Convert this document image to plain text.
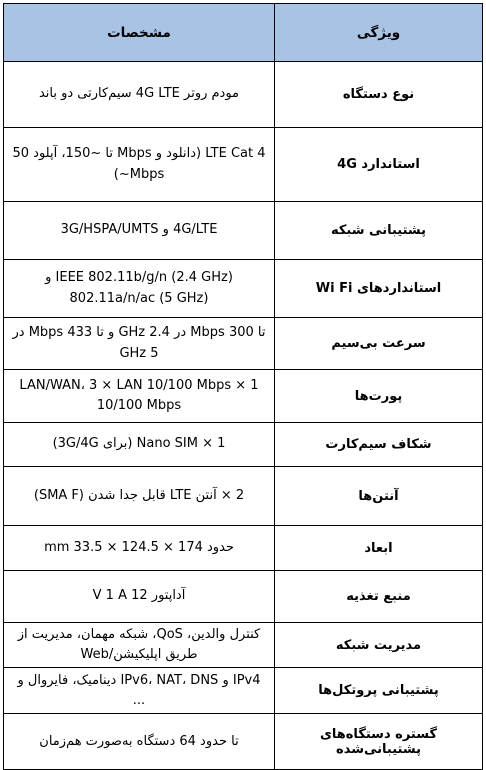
ویژگی	مشخصات
نوع دستگاه	مودم روتر 4G LTE سیم‌کارتی دو باند
استاندارد 4G	LTE Cat 4 (دانلود و Mbps تا ~150، آپلود 50 Mbps~)
پشتیبانی شبکه	4G/LTE و 3G/HSPA/UMTS
استانداردهای Wi Fi	IEEE 802.11b/g/n (2.4 GHz) و 802.11a/n/ac (5 GHz)
سرعت بی‌سیم	تا 300 Mbps در 2.4 GHz و تا 433 Mbps در 5 GHz
پورت‌ها	1 × LAN/WAN، 3 × LAN 10/100 Mbps 10/100 Mbps
شکاف سیم‌کارت	1 × Nano SIM (برای 3G/4G)
آنتن‌ها	2 × آنتن LTE قابل جدا شدن (SMA F)
ابعاد	حدود 174 × 124.5 × 33.5 mm
منبع تغذیه	آداپتور 12 V 1 A
مدیریت شبکه	کنترل والدین، QoS، شبکه مهمان، مدیریت از طریق اپلیکیشن/Web
پشتیبانی پروتکل‌ها	IPv4 و IPv6، NAT، DNS دینامیک، فایروال و ...
گستره دستگاه‌های پشتیبانی‌شده	تا حدود 64 دستگاه به‌صورت هم‌زمان
